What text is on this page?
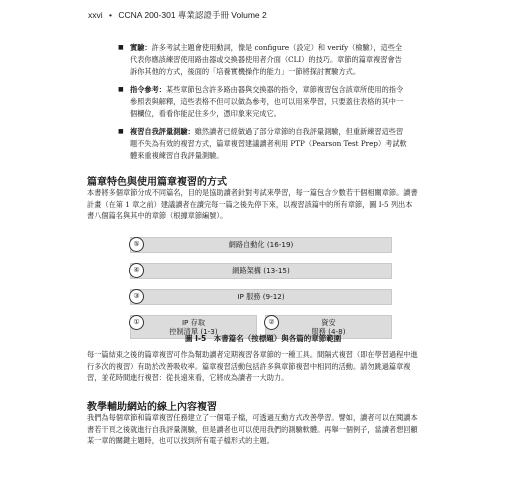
xxvi • CCNA 200-301 專業認證手冊 Volume 2
■ 實驗：許多考試主題會使用動詞，像是 configure（設定）和 verify（檢驗），這些全代表你應該練習使用路由器或交換器使用者介面（CLI）的技巧。章節的篇章複習會告訴你其他的方式，後面的「培養實機操作的能力」一節將探討實驗方式。
■ 指令參考：某些章節包含許多路由器與交換器的指令，章節複習包含該章所使用的指令參照表與解釋，這些表格不但可以做為參考，也可以用來學習，只要蓋住表格的其中一個欄位，看看你能記住多少，憑印象來完成它。
■ 複習自我評量測驗：雖然讀者已經做過了部分章節的自我評量測驗，但重新練習這些習題不失為有效的複習方式，篇章複習建議讀者利用 PTP（Pearson Test Prep）考試軟體來重複練習自我評量測驗。
篇章特色與使用篇章複習的方式
本書將多個章節分成不同篇名，目的是協助讀者針對考試來學習，每一篇包含少數若干個相關章節。讀書計畫（在第 1 章之前）建議讀者在讀完每一篇之後先停下來，以複習該篇中的所有章節，圖 I-5 列出本書八個篇名與其中的章節（根據章節編號）。
⑤	網路自動化 (16-19)
④	網路架構 (13-15)
③	IP 服務 (9-12)
①	IP 存取
控制清單 (1-3)
②	資安
服務 (4-8)
圖 I-5　本書篇名（按標題）與各篇的章節範圍
每一篇結束之後的篇章複習可作為幫助讀者定期複習各章節的一種工具。間隔式複習（即在學習過程中進行多次的複習）有助於改善吸收率。篇章複習活動包括許多與章節複習中相同的活動。請勿跳過篇章複習，並花時間進行複習：從長遠來看，它將成為讀者一大助力。
教學輔助網站的線上內容複習
我們為每個章節和篇章複習任務建立了一個電子檔，可透過互動方式改善學習。譬如，讀者可以在閱讀本書若干頁之後就進行自我評量測驗，但是讀者也可以使用我們的測驗軟體。再舉一個例子，當讀者想回顧某一章的關鍵主題時，也可以找到所有電子檔形式的主題。
